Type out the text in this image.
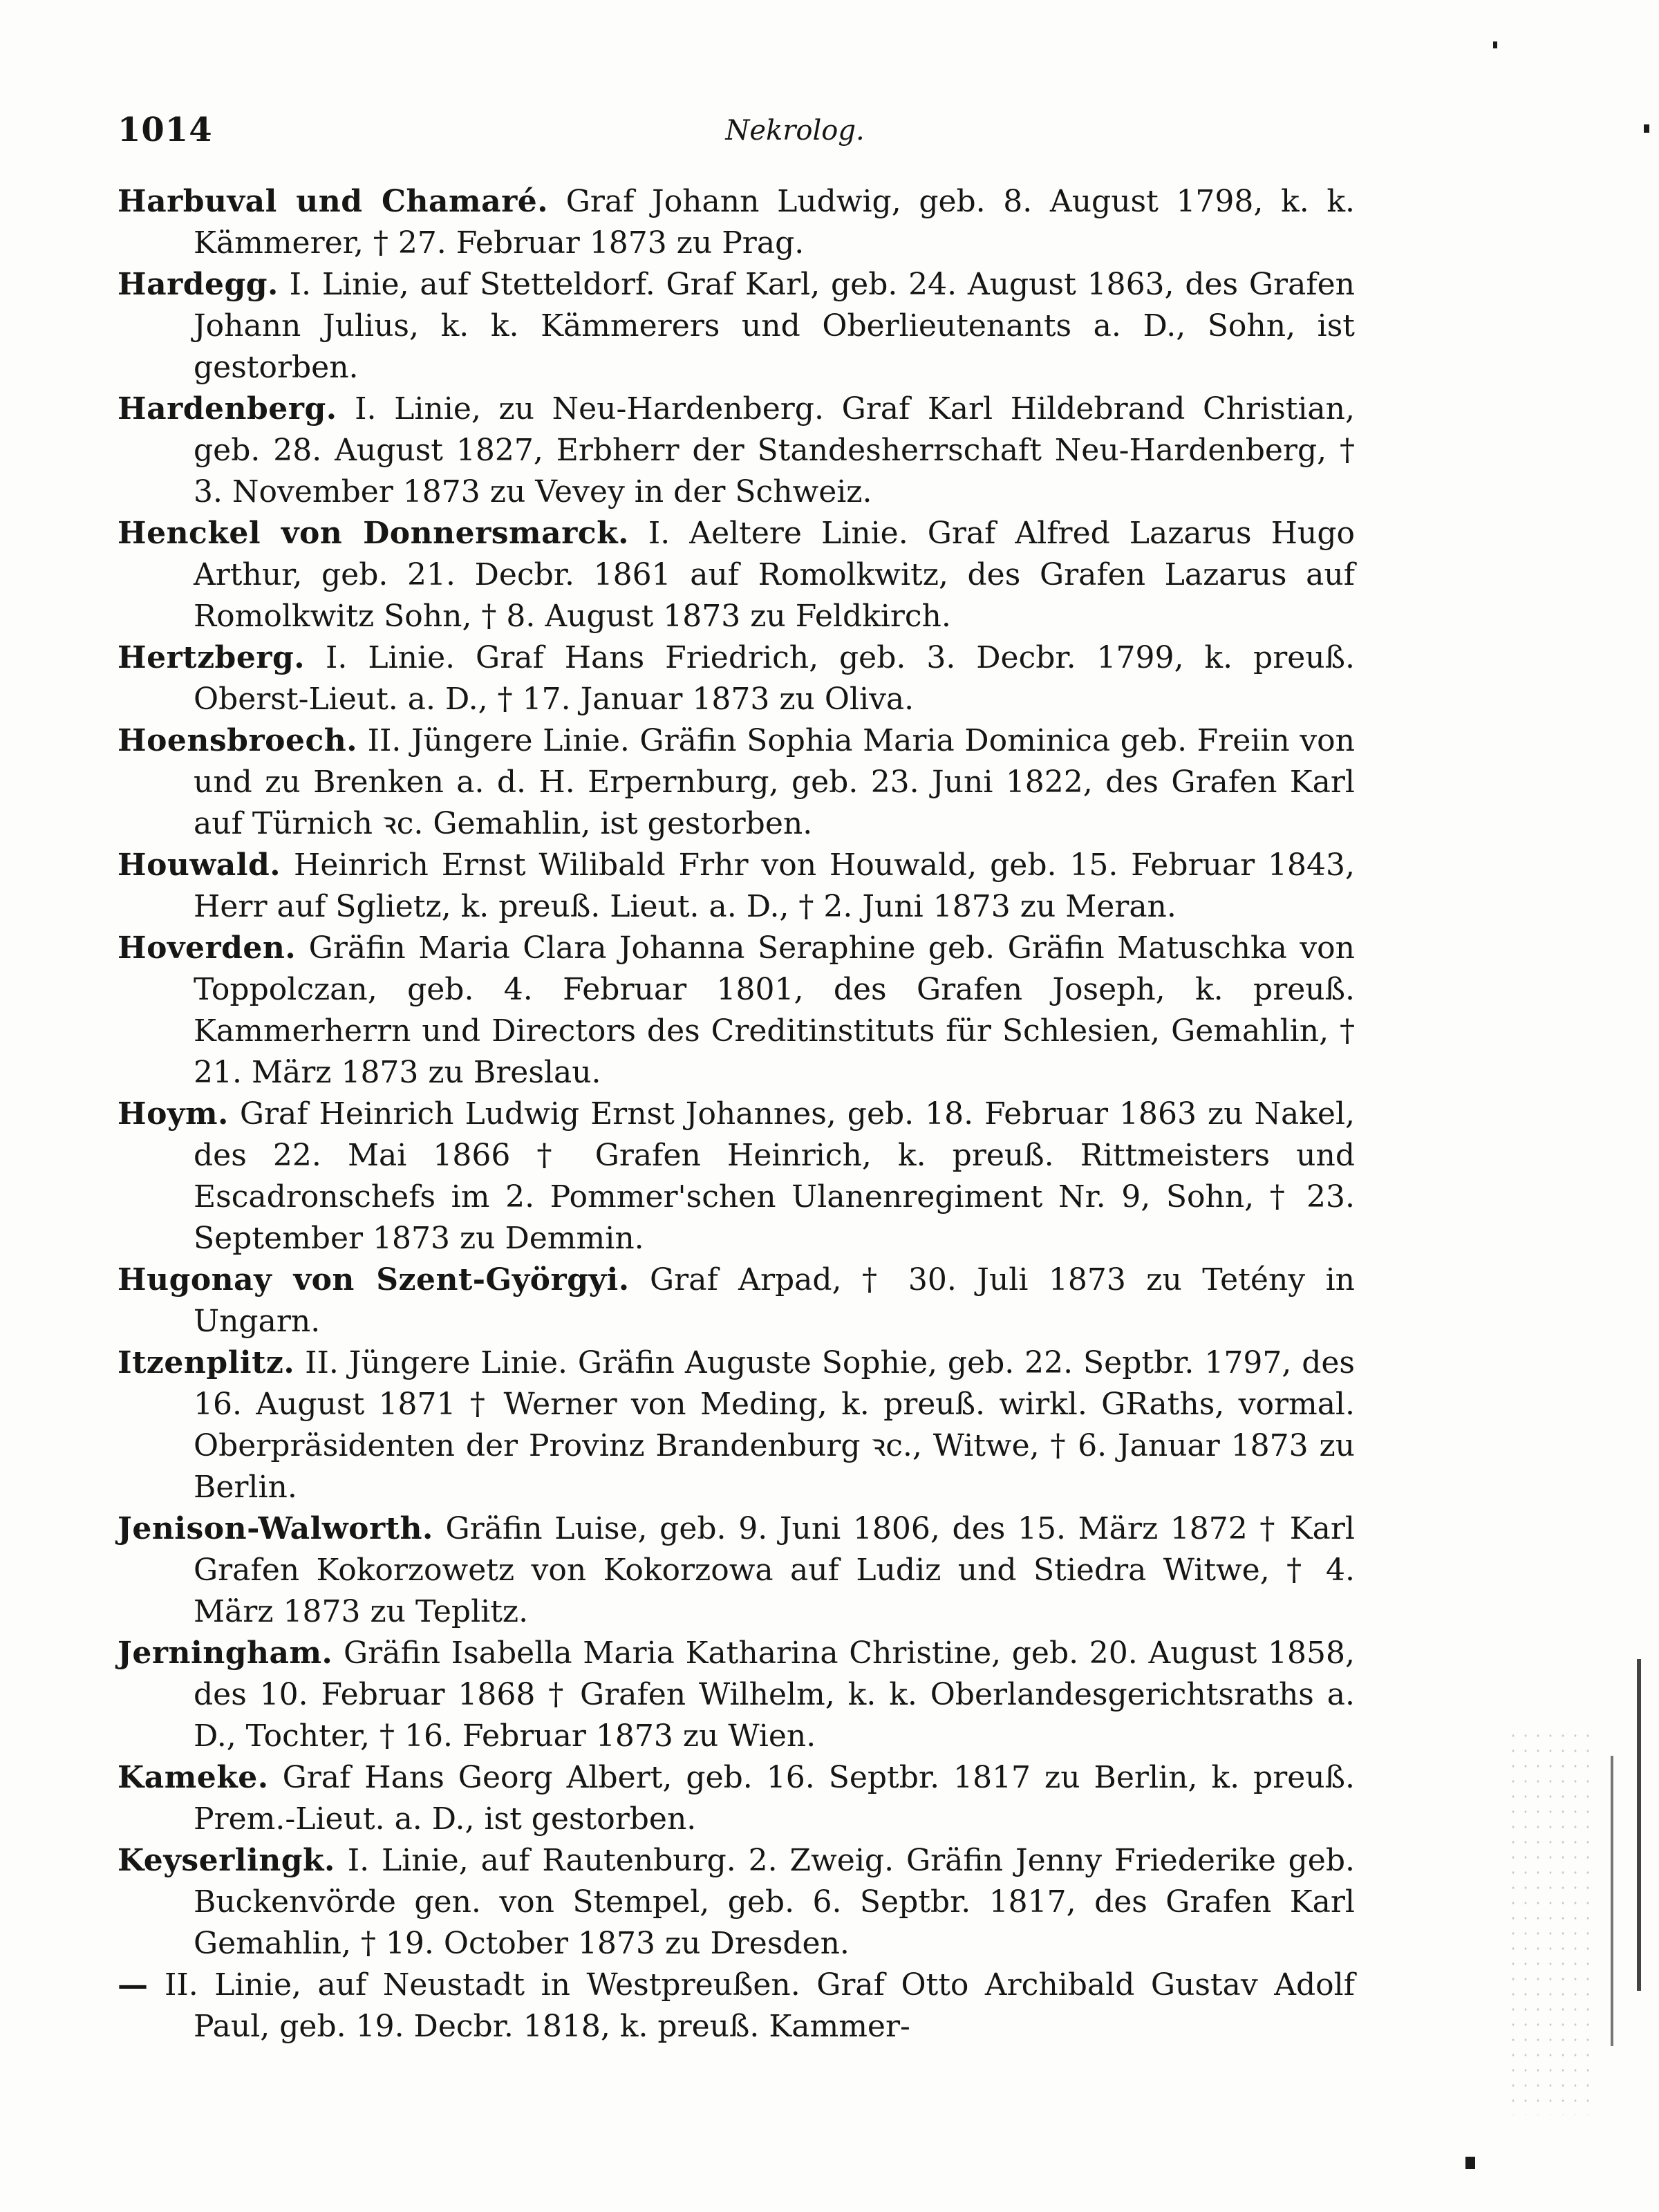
1014	Nekrolog.

Harbuval und Chamaré. Graf Johann Ludwig, geb. 8. August 1798, k. k. Kämmerer, † 27. Februar 1873 zu Prag.

Hardegg. I. Linie, auf Stetteldorf. Graf Karl, geb. 24. August 1863, des Grafen Johann Julius, k. k. Kämmerers und Oberlieutenants a. D., Sohn, ist gestorben.

Hardenberg. I. Linie, zu Neu-Hardenberg. Graf Karl Hildebrand Christian, geb. 28. August 1827, Erbherr der Standesherrschaft Neu-Hardenberg, † 3. November 1873 zu Vevey in der Schweiz.

Henckel von Donnersmarck. I. Aeltere Linie. Graf Alfred Lazarus Hugo Arthur, geb. 21. Decbr. 1861 auf Romolkwitz, des Grafen Lazarus auf Romolkwitz Sohn, † 8. August 1873 zu Feldkirch.

Hertzberg. I. Linie. Graf Hans Friedrich, geb. 3. Decbr. 1799, k. preuß. Oberst-Lieut. a. D., † 17. Januar 1873 zu Oliva.

Hoensbroech. II. Jüngere Linie. Gräfin Sophia Maria Dominica geb. Freiin von und zu Brenken a. d. H. Erpernburg, geb. 23. Juni 1822, des Grafen Karl auf Türnich ꝛc. Gemahlin, ist gestorben.

Houwald. Heinrich Ernst Wilibald Frhr von Houwald, geb. 15. Februar 1843, Herr auf Sglietz, k. preuß. Lieut. a. D., † 2. Juni 1873 zu Meran.

Hoverden. Gräfin Maria Clara Johanna Seraphine geb. Gräfin Matuschka von Toppolczan, geb. 4. Februar 1801, des Grafen Joseph, k. preuß. Kammerherrn und Directors des Creditinstituts für Schlesien, Gemahlin, † 21. März 1873 zu Breslau.

Hoym. Graf Heinrich Ludwig Ernst Johannes, geb. 18. Februar 1863 zu Nakel, des 22. Mai 1866 † Grafen Heinrich, k. preuß. Rittmeisters und Escadronschefs im 2. Pommer'schen Ulanenregiment Nr. 9, Sohn, † 23. September 1873 zu Demmin.

Hugonay von Szent-Györgyi. Graf Arpad, † 30. Juli 1873 zu Tetény in Ungarn.

Itzenplitz. II. Jüngere Linie. Gräfin Auguste Sophie, geb. 22. Septbr. 1797, des 16. August 1871 † Werner von Meding, k. preuß. wirkl. GRaths, vormal. Oberpräsidenten der Provinz Brandenburg ꝛc., Witwe, † 6. Januar 1873 zu Berlin.

Jenison-Walworth. Gräfin Luise, geb. 9. Juni 1806, des 15. März 1872 † Karl Grafen Kokorzowetz von Kokorzowa auf Ludiz und Stiedra Witwe, † 4. März 1873 zu Teplitz.

Jerningham. Gräfin Isabella Maria Katharina Christine, geb. 20. August 1858, des 10. Februar 1868 † Grafen Wilhelm, k. k. Oberlandesgerichtsraths a. D., Tochter, † 16. Februar 1873 zu Wien.

Kameke. Graf Hans Georg Albert, geb. 16. Septbr. 1817 zu Berlin, k. preuß. Prem.-Lieut. a. D., ist gestorben.

Keyserlingk. I. Linie, auf Rautenburg. 2. Zweig. Gräfin Jenny Friederike geb. Buckenvörde gen. von Stempel, geb. 6. Septbr. 1817, des Grafen Karl Gemahlin, † 19. October 1873 zu Dresden.

— II. Linie, auf Neustadt in Westpreußen. Graf Otto Archibald Gustav Adolf Paul, geb. 19. Decbr. 1818, k. preuß. Kammer-
